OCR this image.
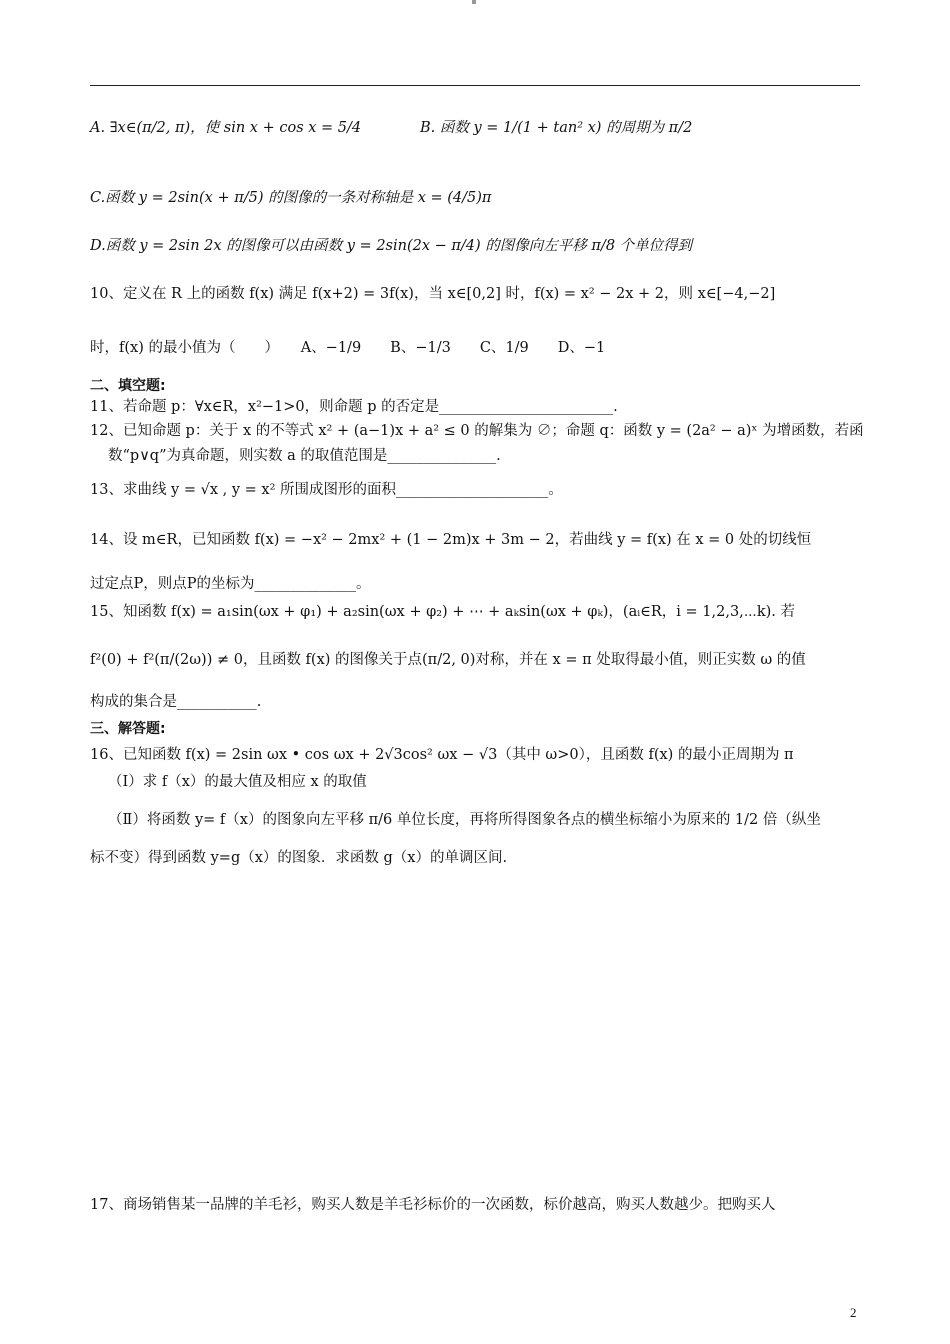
A. ∃x∈(π/2, π)，使 sin x + cos x = 5/4	B. 函数 y = 1/(1 + tan² x) 的周期为 π/2
C.函数 y = 2sin(x + π/5) 的图像的一条对称轴是 x = (4/5)π
D.函数 y = 2sin 2x 的图像可以由函数 y = 2sin(2x − π/4) 的图像向左平移 π/8 个单位得到
10、定义在 R 上的函数 f(x) 满足 f(x+2) = 3f(x)，当 x∈[0,2] 时，f(x) = x² − 2x + 2，则 x∈[−4,−2]
时，f(x) 的最小值为（　　）　　A、−1/9　　B、−1/3　　C、1/9　　D、−1
二、填空题:
11、若命题 p：∀x∈R，x²−1>0，则命题 p 的否定是________________________.
12、已知命题 p：关于 x 的不等式 x² + (a−1)x + a² ≤ 0 的解集为 ∅；命题 q：函数 y = (2a² − a)ˣ 为增函数，若函
数“p∨q”为真命题，则实数 a 的取值范围是_______________.
13、求曲线 y = √x , y = x² 所围成图形的面积_____________________。
14、设 m∈R，已知函数 f(x) = −x² − 2mx² + (1 − 2m)x + 3m − 2，若曲线 y = f(x) 在 x = 0 处的切线恒
过定点P，则点P的坐标为______________。
15、知函数 f(x) = a₁sin(ωx + φ₁) + a₂sin(ωx + φ₂) + ⋯ + aₖsin(ωx + φₖ)，(aᵢ∈R，i = 1,2,3,⋯k). 若
f²(0) + f²(π/(2ω)) ≠ 0，且函数 f(x) 的图像关于点(π/2, 0)对称，并在 x = π 处取得最小值，则正实数 ω 的值
构成的集合是___________.
三、解答题:
16、已知函数 f(x) = 2sin ωx • cos ωx + 2√3cos² ωx − √3（其中 ω>0），且函数 f(x) 的最小正周期为 π
（I）求 f（x）的最大值及相应 x 的取值
（Ⅱ）将函数 y= f（x）的图象向左平移 π/6 单位长度，再将所得图象各点的横坐标缩小为原来的 1/2 倍（纵坐
标不变）得到函数 y=g（x）的图象．求函数 g（x）的单调区间.
17、商场销售某一品牌的羊毛衫，购买人数是羊毛衫标价的一次函数，标价越高，购买人数越少。把购买人
2
